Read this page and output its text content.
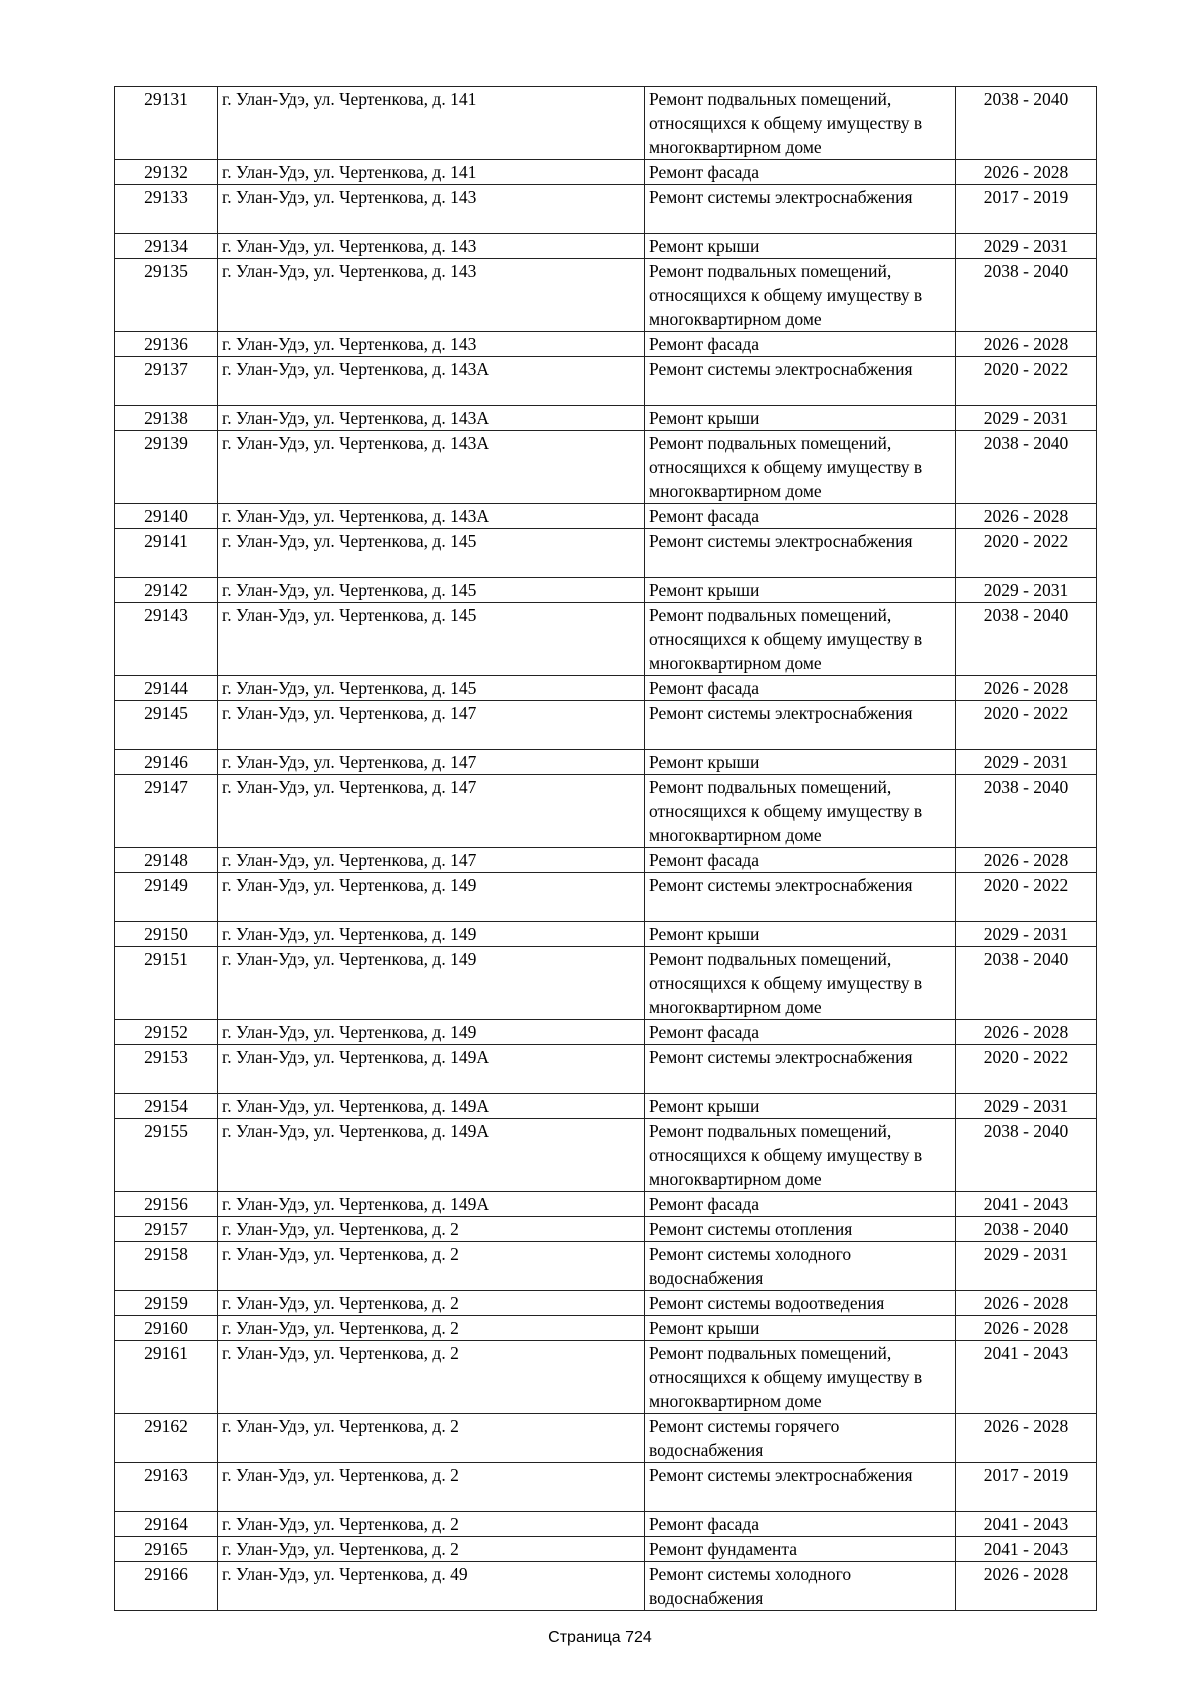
29131	г. Улан-Удэ, ул. Чертенкова, д. 141	Ремонт подвальных помещений, относящихся к общему имуществу в многоквартирном доме	2038 - 2040
29132	г. Улан-Удэ, ул. Чертенкова, д. 141	Ремонт фасада	2026 - 2028
29133	г. Улан-Удэ, ул. Чертенкова, д. 143	Ремонт системы электроснабжения	2017 - 2019
29134	г. Улан-Удэ, ул. Чертенкова, д. 143	Ремонт крыши	2029 - 2031
29135	г. Улан-Удэ, ул. Чертенкова, д. 143	Ремонт подвальных помещений, относящихся к общему имуществу в многоквартирном доме	2038 - 2040
29136	г. Улан-Удэ, ул. Чертенкова, д. 143	Ремонт фасада	2026 - 2028
29137	г. Улан-Удэ, ул. Чертенкова, д. 143А	Ремонт системы электроснабжения	2020 - 2022
29138	г. Улан-Удэ, ул. Чертенкова, д. 143А	Ремонт крыши	2029 - 2031
29139	г. Улан-Удэ, ул. Чертенкова, д. 143А	Ремонт подвальных помещений, относящихся к общему имуществу в многоквартирном доме	2038 - 2040
29140	г. Улан-Удэ, ул. Чертенкова, д. 143А	Ремонт фасада	2026 - 2028
29141	г. Улан-Удэ, ул. Чертенкова, д. 145	Ремонт системы электроснабжения	2020 - 2022
29142	г. Улан-Удэ, ул. Чертенкова, д. 145	Ремонт крыши	2029 - 2031
29143	г. Улан-Удэ, ул. Чертенкова, д. 145	Ремонт подвальных помещений, относящихся к общему имуществу в многоквартирном доме	2038 - 2040
29144	г. Улан-Удэ, ул. Чертенкова, д. 145	Ремонт фасада	2026 - 2028
29145	г. Улан-Удэ, ул. Чертенкова, д. 147	Ремонт системы электроснабжения	2020 - 2022
29146	г. Улан-Удэ, ул. Чертенкова, д. 147	Ремонт крыши	2029 - 2031
29147	г. Улан-Удэ, ул. Чертенкова, д. 147	Ремонт подвальных помещений, относящихся к общему имуществу в многоквартирном доме	2038 - 2040
29148	г. Улан-Удэ, ул. Чертенкова, д. 147	Ремонт фасада	2026 - 2028
29149	г. Улан-Удэ, ул. Чертенкова, д. 149	Ремонт системы электроснабжения	2020 - 2022
29150	г. Улан-Удэ, ул. Чертенкова, д. 149	Ремонт крыши	2029 - 2031
29151	г. Улан-Удэ, ул. Чертенкова, д. 149	Ремонт подвальных помещений, относящихся к общему имуществу в многоквартирном доме	2038 - 2040
29152	г. Улан-Удэ, ул. Чертенкова, д. 149	Ремонт фасада	2026 - 2028
29153	г. Улан-Удэ, ул. Чертенкова, д. 149А	Ремонт системы электроснабжения	2020 - 2022
29154	г. Улан-Удэ, ул. Чертенкова, д. 149А	Ремонт крыши	2029 - 2031
29155	г. Улан-Удэ, ул. Чертенкова, д. 149А	Ремонт подвальных помещений, относящихся к общему имуществу в многоквартирном доме	2038 - 2040
29156	г. Улан-Удэ, ул. Чертенкова, д. 149А	Ремонт фасада	2041 - 2043
29157	г. Улан-Удэ, ул. Чертенкова, д. 2	Ремонт системы отопления	2038 - 2040
29158	г. Улан-Удэ, ул. Чертенкова, д. 2	Ремонт системы холодного водоснабжения	2029 - 2031
29159	г. Улан-Удэ, ул. Чертенкова, д. 2	Ремонт системы водоотведения	2026 - 2028
29160	г. Улан-Удэ, ул. Чертенкова, д. 2	Ремонт крыши	2026 - 2028
29161	г. Улан-Удэ, ул. Чертенкова, д. 2	Ремонт подвальных помещений, относящихся к общему имуществу в многоквартирном доме	2041 - 2043
29162	г. Улан-Удэ, ул. Чертенкова, д. 2	Ремонт системы горячего водоснабжения	2026 - 2028
29163	г. Улан-Удэ, ул. Чертенкова, д. 2	Ремонт системы электроснабжения	2017 - 2019
29164	г. Улан-Удэ, ул. Чертенкова, д. 2	Ремонт фасада	2041 - 2043
29165	г. Улан-Удэ, ул. Чертенкова, д. 2	Ремонт фундамента	2041 - 2043
29166	г. Улан-Удэ, ул. Чертенкова, д. 49	Ремонт системы холодного водоснабжения	2026 - 2028
Страница 724
